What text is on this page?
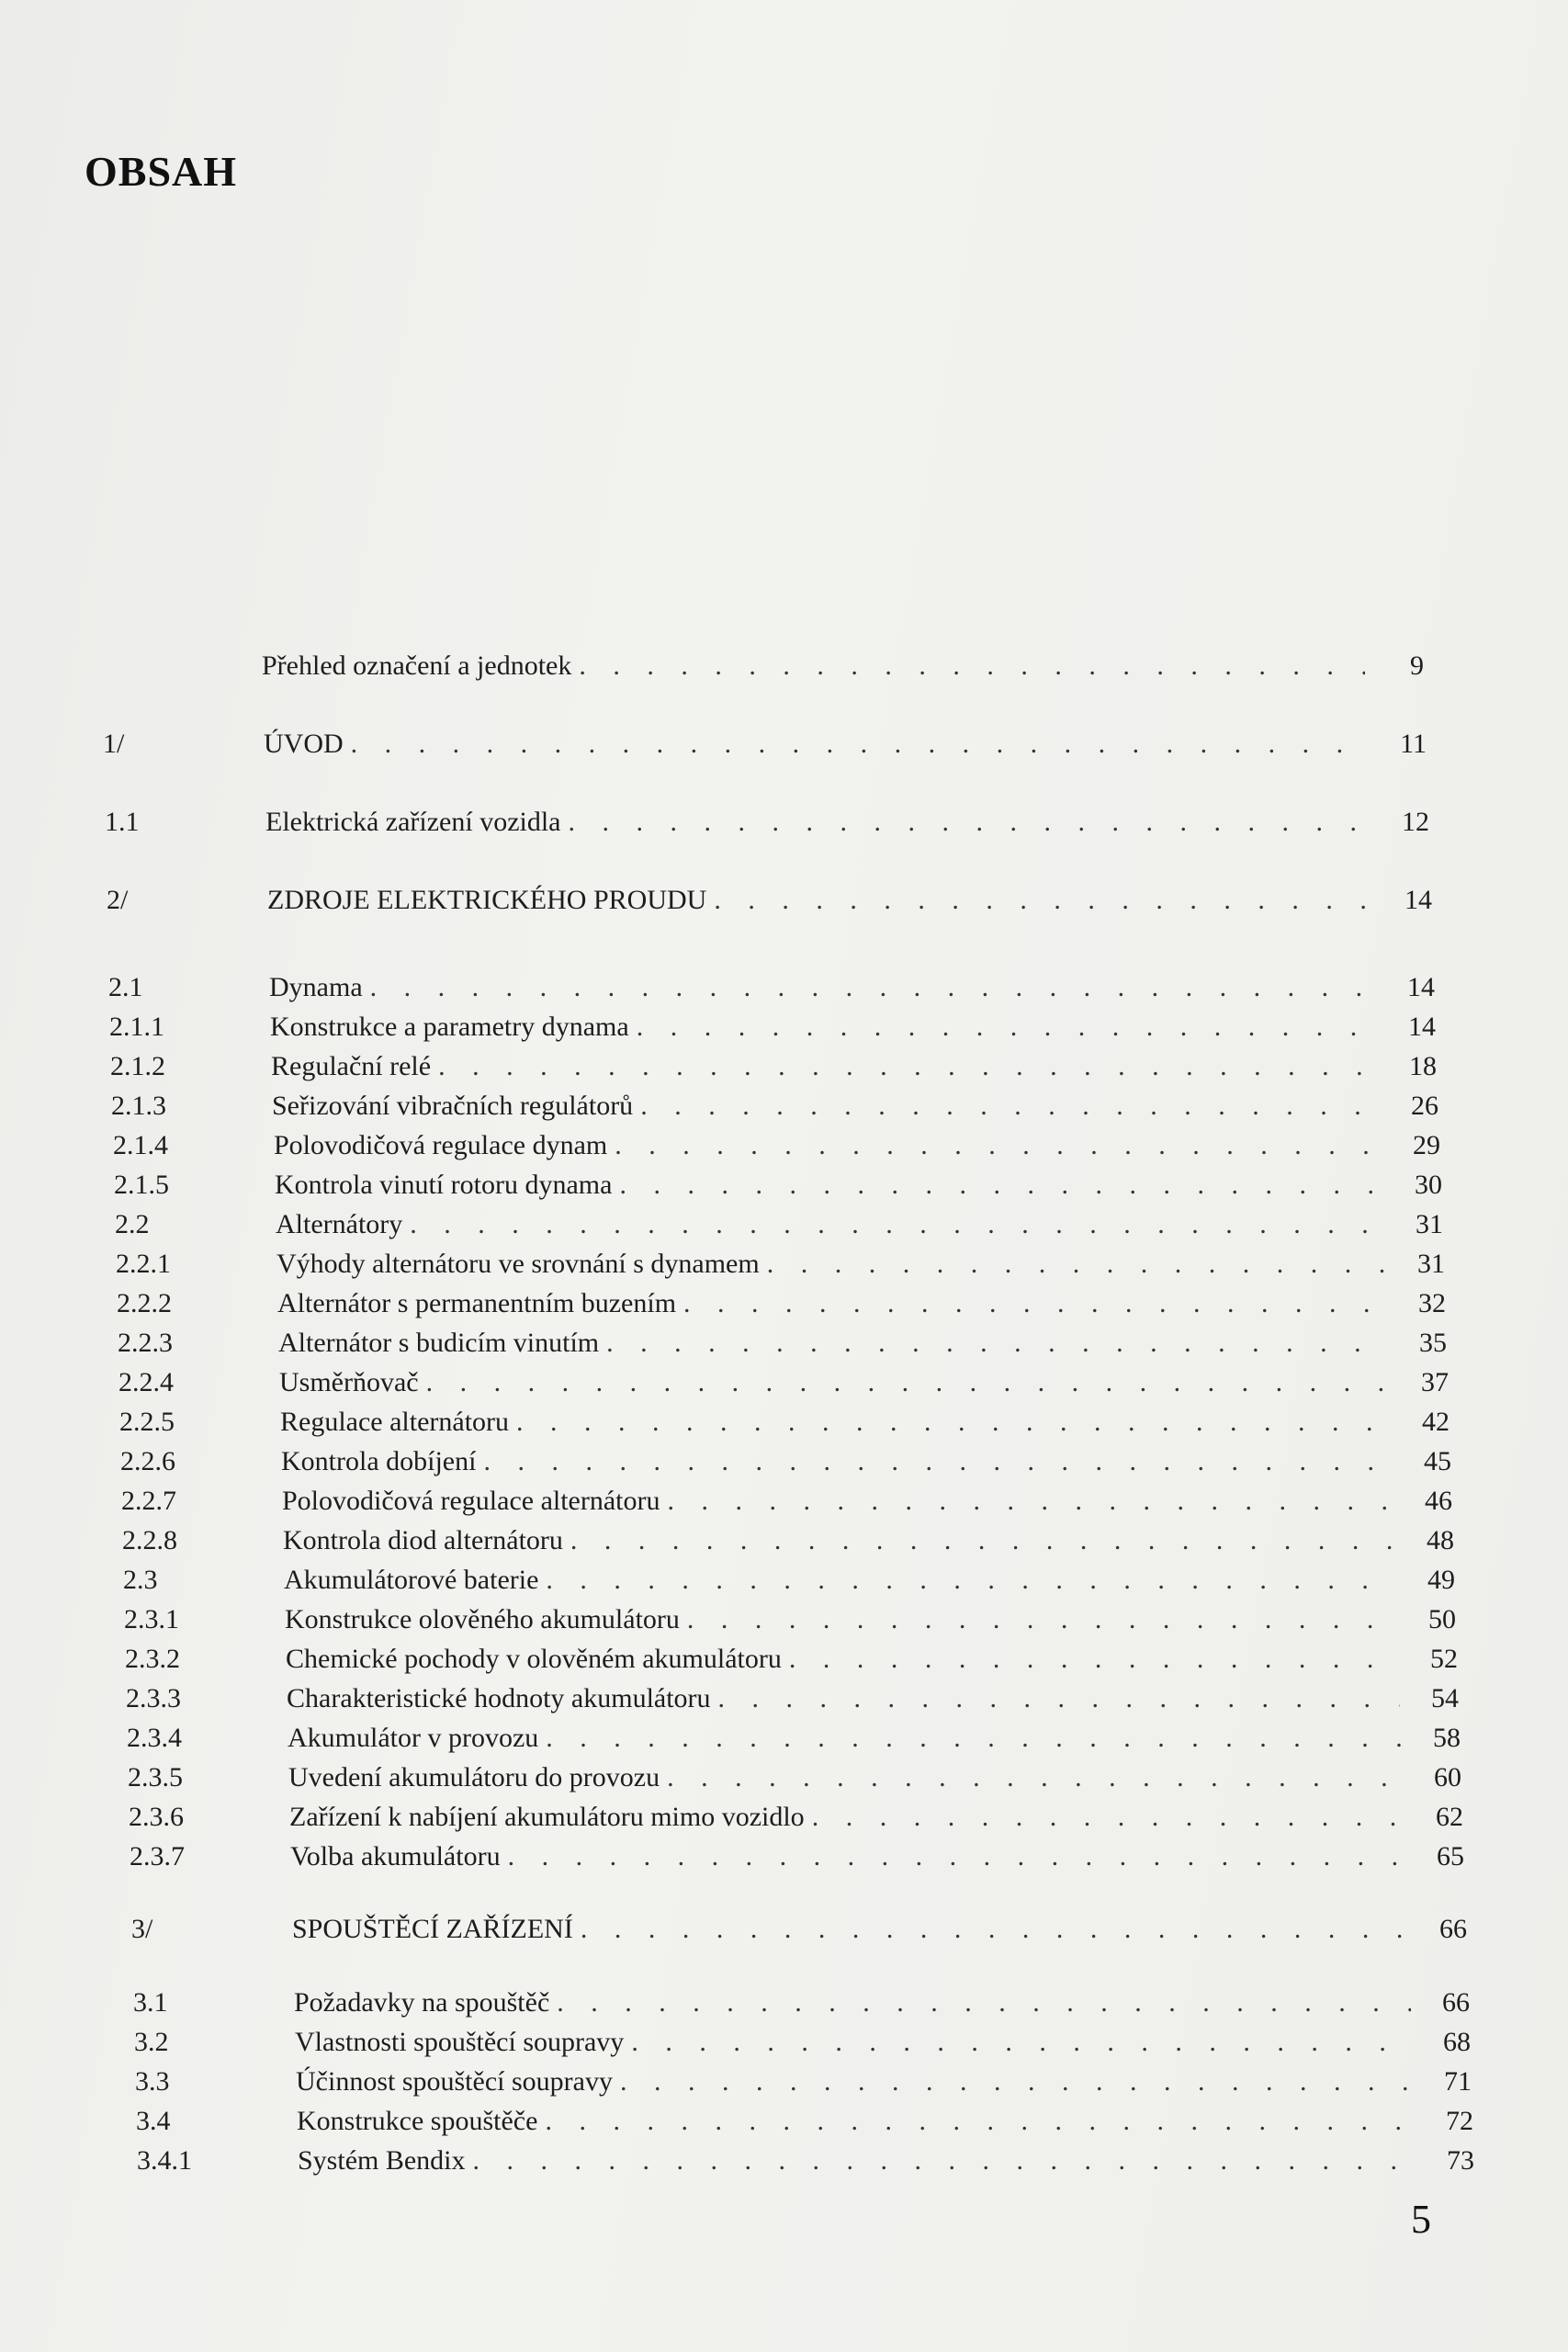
OBSAH
Přehled označení a jednotek . . .	9
1/	ÚVOD . . .	11
1.1	Elektrická zařízení vozidla . . .	12
2/	ZDROJE ELEKTRICKÉHO PROUDU . . .	14
2.1	Dynama . . .	14
2.1.1	Konstrukce a parametry dynama . . .	14
2.1.2	Regulační relé . . .	18
2.1.3	Seřizování vibračních regulátorů . . .	26
2.1.4	Polovodičová regulace dynam . . .	29
2.1.5	Kontrola vinutí rotoru dynama . . .	30
2.2	Alternátory . . .	31
2.2.1	Výhody alternátoru ve srovnání s dynamem . . .	31
2.2.2	Alternátor s permanentním buzením . . .	32
2.2.3	Alternátor s budicím vinutím . . .	35
2.2.4	Usměrňovač . . .	37
2.2.5	Regulace alternátoru . . .	42
2.2.6	Kontrola dobíjení . . .	45
2.2.7	Polovodičová regulace alternátoru . . .	46
2.2.8	Kontrola diod alternátoru . . .	48
2.3	Akumulátorové baterie . . .	49
2.3.1	Konstrukce olověného akumulátoru . . .	50
2.3.2	Chemické pochody v olověném akumulátoru . . .	52
2.3.3	Charakteristické hodnoty akumulátoru . . .	54
2.3.4	Akumulátor v provozu . . .	58
2.3.5	Uvedení akumulátoru do provozu . . .	60
2.3.6	Zařízení k nabíjení akumulátoru mimo vozidlo . . .	62
2.3.7	Volba akumulátoru . . .	65
3/	SPOUŠTĚCÍ ZAŘÍZENÍ . . .	66
3.1	Požadavky na spouštěč . . .	66
3.2	Vlastnosti spouštěcí soupravy . . .	68
3.3	Účinnost spouštěcí soupravy . . .	71
3.4	Konstrukce spouštěče . . .	72
3.4.1	Systém Bendix . . .	73
5
